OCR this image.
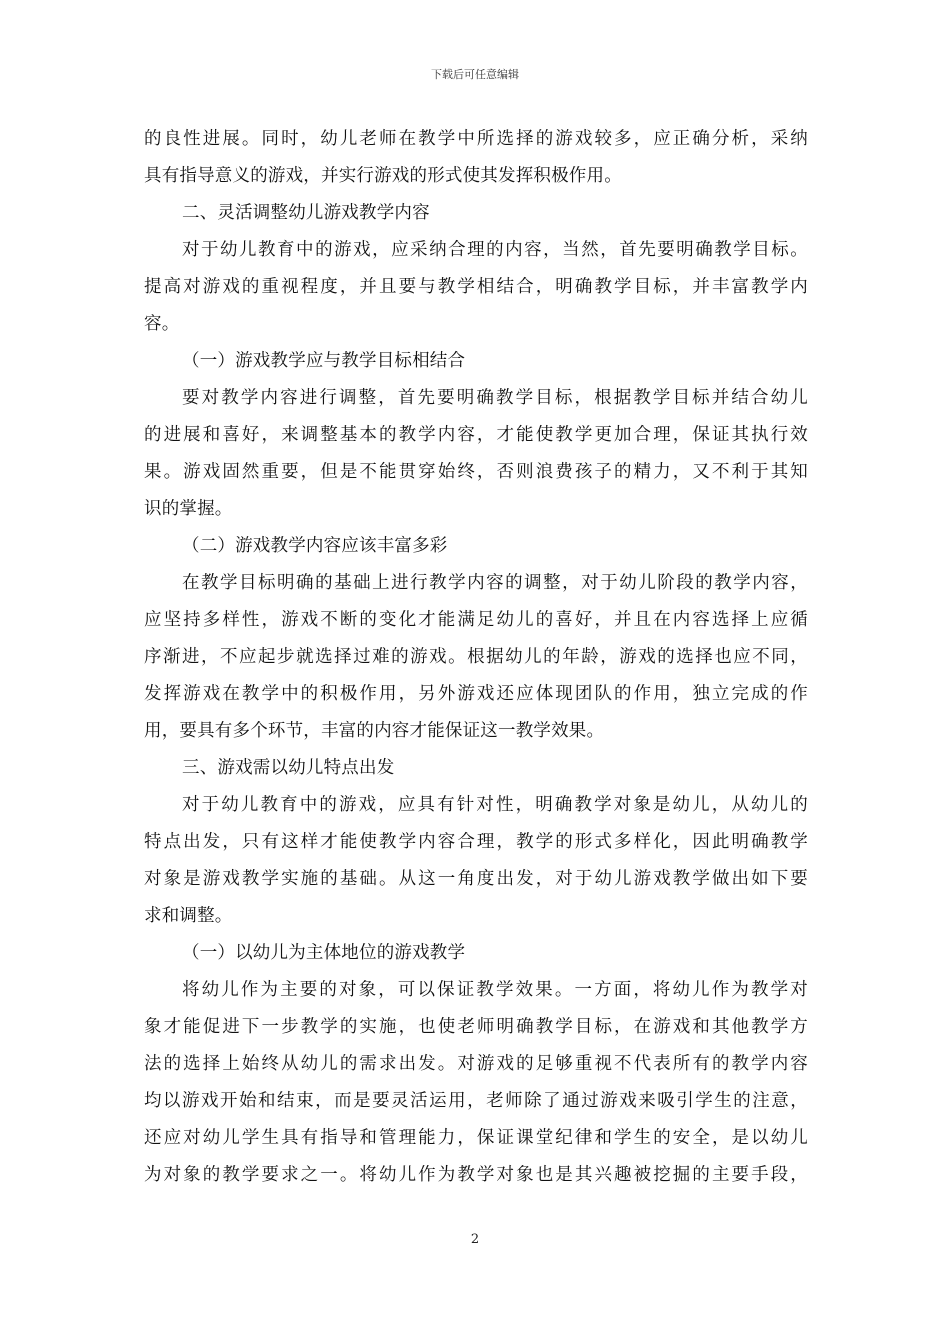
下载后可任意编辑
的良性进展。同时，幼儿老师在教学中所选择的游戏较多，应正确分析，采纳
具有指导意义的游戏，并实行游戏的形式使其发挥积极作用。
二、灵活调整幼儿游戏教学内容
对于幼儿教育中的游戏，应采纳合理的内容，当然，首先要明确教学目标。
提高对游戏的重视程度，并且要与教学相结合，明确教学目标，并丰富教学内
容。
（一）游戏教学应与教学目标相结合
要对教学内容进行调整，首先要明确教学目标，根据教学目标并结合幼儿
的进展和喜好，来调整基本的教学内容，才能使教学更加合理，保证其执行效
果。游戏固然重要，但是不能贯穿始终，否则浪费孩子的精力，又不利于其知
识的掌握。
（二）游戏教学内容应该丰富多彩
在教学目标明确的基础上进行教学内容的调整，对于幼儿阶段的教学内容，
应坚持多样性，游戏不断的变化才能满足幼儿的喜好，并且在内容选择上应循
序渐进，不应起步就选择过难的游戏。根据幼儿的年龄，游戏的选择也应不同，
发挥游戏在教学中的积极作用，另外游戏还应体现团队的作用，独立完成的作
用，要具有多个环节，丰富的内容才能保证这一教学效果。
三、游戏需以幼儿特点出发
对于幼儿教育中的游戏，应具有针对性，明确教学对象是幼儿，从幼儿的
特点出发，只有这样才能使教学内容合理，教学的形式多样化，因此明确教学
对象是游戏教学实施的基础。从这一角度出发，对于幼儿游戏教学做出如下要
求和调整。
（一）以幼儿为主体地位的游戏教学
将幼儿作为主要的对象，可以保证教学效果。一方面，将幼儿作为教学对
象才能促进下一步教学的实施，也使老师明确教学目标，在游戏和其他教学方
法的选择上始终从幼儿的需求出发。对游戏的足够重视不代表所有的教学内容
均以游戏开始和结束，而是要灵活运用，老师除了通过游戏来吸引学生的注意，
还应对幼儿学生具有指导和管理能力，保证课堂纪律和学生的安全，是以幼儿
为对象的教学要求之一。将幼儿作为教学对象也是其兴趣被挖掘的主要手段，
2
